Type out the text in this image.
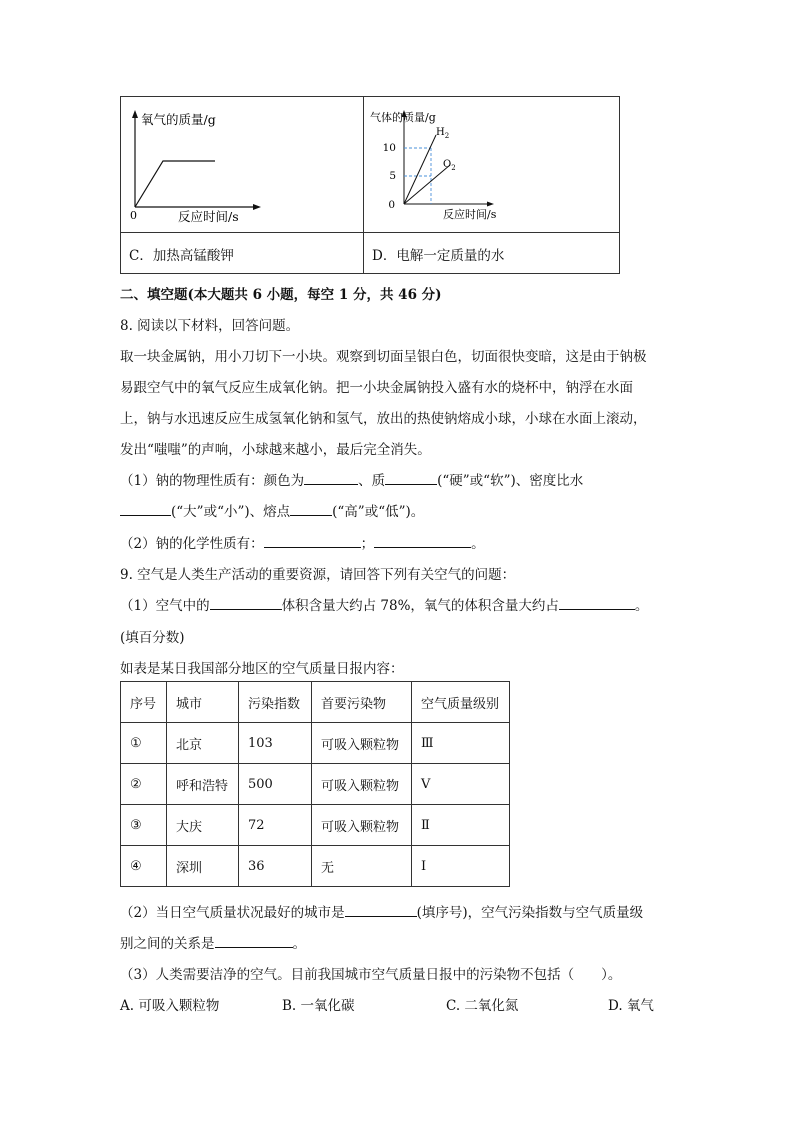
氧气的质量/g
0	反应时间/s
10
5
0
$H_2$
$O_2$
气体的质量/g
反应时间/s
C．加热高锰酸钾	D．电解一定质量的水
二、填空题(本大题共 6 小题，每空 1 分，共 46 分)
8. 阅读以下材料，回答问题。
取一块金属钠，用小刀切下一小块。观察到切面呈银白色，切面很快变暗，这是由于钠极
易跟空气中的氧气反应生成氧化钠。把一小块金属钠投入盛有水的烧杯中，钠浮在水面
上，钠与水迅速反应生成氢氧化钠和氢气，放出的热使钠熔成小球，小球在水面上滚动，
发出“嗤嗤”的声响，小球越来越小，最后完全消失。
（1）钠的物理性质有：颜色为	、质	(“硬”或“软”)、密度比水
(“大”或“小”)、熔点	(“高”或“低”)。
（2）钠的化学性质有：	；	。
9. 空气是人类生产活动的重要资源，请回答下列有关空气的问题：
（1）空气中的	体积含量大约占 78%，氧气的体积含量大约占	。
(填百分数)
如表是某日我国部分地区的空气质量日报内容：
序号	城市	污染指数	首要污染物	空气质量级别
①	北京	103	可吸入颗粒物	Ⅲ
②	呼和浩特	500	可吸入颗粒物	Ⅴ
③	大庆	72	可吸入颗粒物	Ⅱ
④	深圳	36	无	Ⅰ
（2）当日空气质量状况最好的城市是	(填序号)，空气污染指数与空气质量级
别之间的关系是	。
（3）人类需要洁净的空气。目前我国城市空气质量日报中的污染物不包括（　　）。
A. 可吸入颗粒物	B. 一氧化碳	C. 二氧化氮	D. 氧气
